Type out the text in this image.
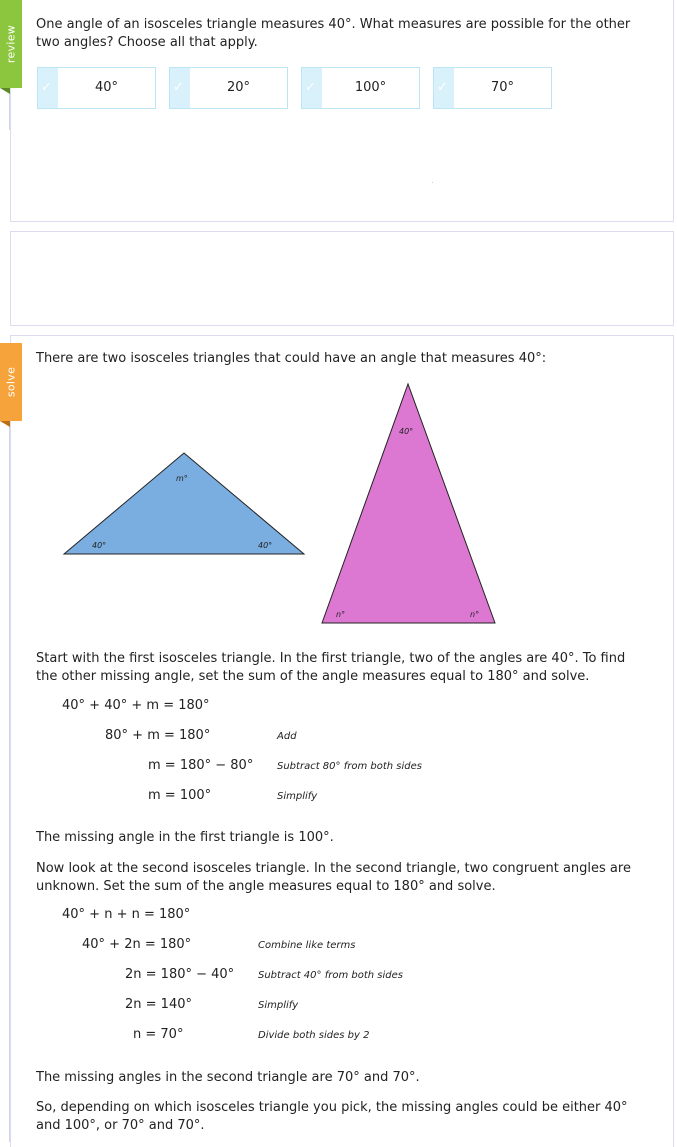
review
One angle of an isosceles triangle measures 40°. What measures are possible for the other two angles? Choose all that apply.
✓
40° ✓	20° ✓	100° ✓	70°
solve
There are two isosceles triangles that could have an angle that measures 40°:
m°
40°	40°
40°
n°	n°
Start with the first isosceles triangle. In the first triangle, two of the angles are 40°. To find the other missing angle, set the sum of the angle measures equal to 180° and solve.
40° + 40° + m = 180°
80° + m = 180°	Add
m = 180° − 80° Subtract 80° from both sides
m = 100°	Simplify
The missing angle in the first triangle is 100°.
Now look at the second isosceles triangle. In the second triangle, two congruent angles are unknown. Set the sum of the angle measures equal to 180° and solve.
40° + n + n = 180°
40° + 2n = 180°	Combine like terms
2n = 180° − 40° Subtract 40° from both sides
2n = 140°	Simplify
n = 70°	Divide both sides by 2
The missing angles in the second triangle are 70° and 70°.
So, depending on which isosceles triangle you pick, the missing angles could be either 40° and 100°, or 70° and 70°.
